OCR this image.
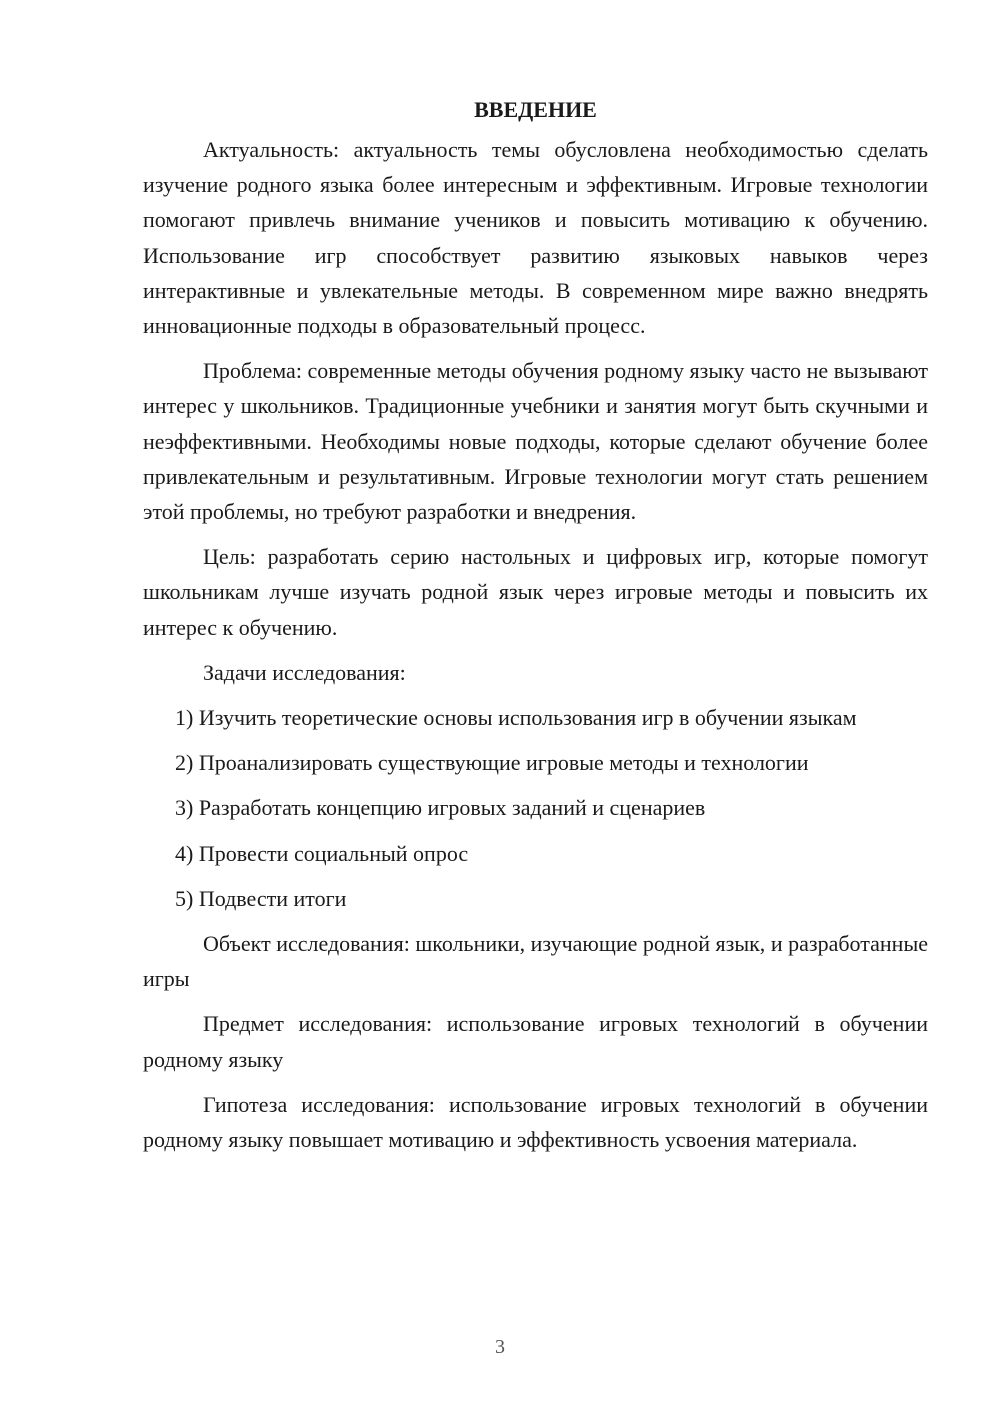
ВВЕДЕНИЕ

Актуальность: актуальность темы обусловлена необходимостью сделать изучение родного языка более интересным и эффективным. Игровые технологии помогают привлечь внимание учеников и повысить мотивацию к обучению. Использование игр способствует развитию языковых навыков через интерактивные и увлекательные методы. В современном мире важно внедрять инновационные подходы в образовательный процесс.

Проблема: современные методы обучения родному языку часто не вызывают интерес у школьников. Традиционные учебники и занятия могут быть скучными и неэффективными. Необходимы новые подходы, которые сделают обучение более привлекательным и результативным. Игровые технологии могут стать решением этой проблемы, но требуют разработки и внедрения.

Цель: разработать серию настольных и цифровых игр, которые помогут школьникам лучше изучать родной язык через игровые методы и повысить их интерес к обучению.

Задачи исследования:

1) Изучить теоретические основы использования игр в обучении языкам

2) Проанализировать существующие игровые методы и технологии

3) Разработать концепцию игровых заданий и сценариев

4) Провести социальный опрос

5) Подвести итоги

Объект исследования: школьники, изучающие родной язык, и разработанные игры

Предмет исследования: использование игровых технологий в обучении родному языку

Гипотеза исследования: использование игровых технологий в обучении родному языку повышает мотивацию и эффективность усвоения материала.

3
